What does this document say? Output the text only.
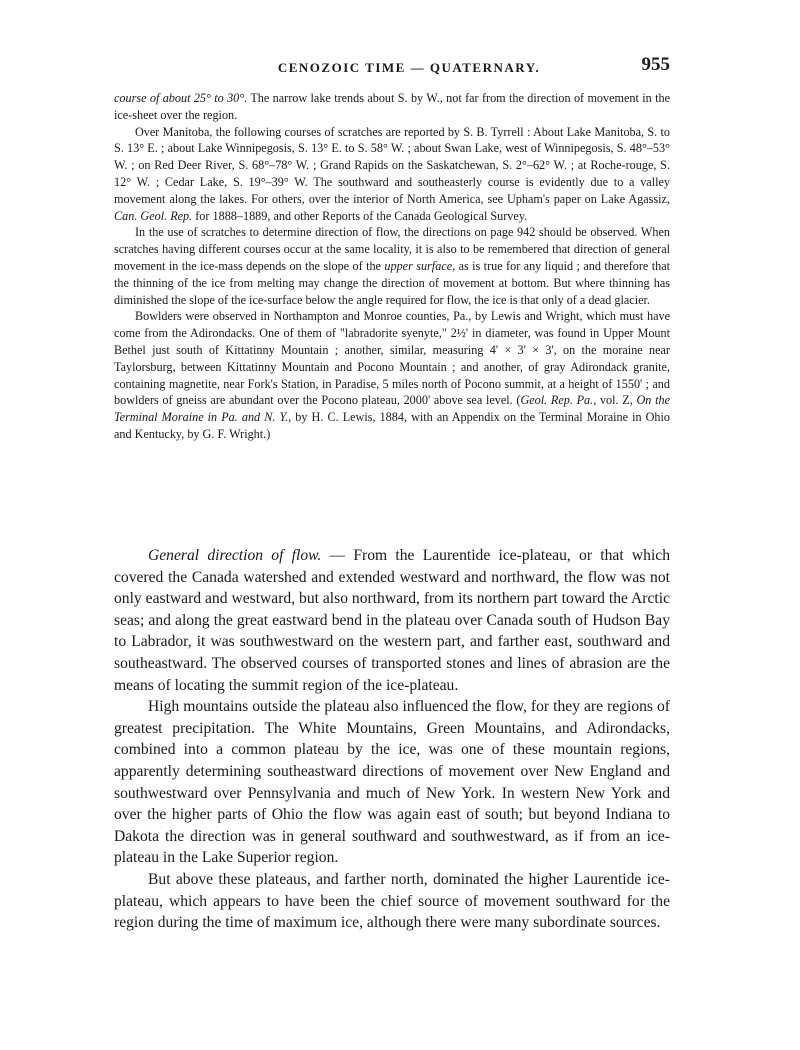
CENOZOIC TIME — QUATERNARY.	955

course of about 25° to 30°. The narrow lake trends about S. by W., not far from the direction of movement in the ice-sheet over the region.

Over Manitoba, the following courses of scratches are reported by S. B. Tyrrell : About Lake Manitoba, S. to S. 13° E. ; about Lake Winnipegosis, S. 13° E. to S. 58° W. ; about Swan Lake, west of Winnipegosis, S. 48°–53° W. ; on Red Deer River, S. 68°–78° W. ; Grand Rapids on the Saskatchewan, S. 2°–62° W. ; at Roche-rouge, S. 12° W. ; Cedar Lake, S. 19°–39° W. The southward and southeasterly course is evidently due to a valley movement along the lakes. For others, over the interior of North America, see Upham's paper on Lake Agassiz, Can. Geol. Rep. for 1888–1889, and other Reports of the Canada Geological Survey.

In the use of scratches to determine direction of flow, the directions on page 942 should be observed. When scratches having different courses occur at the same locality, it is also to be remembered that direction of general movement in the ice-mass depends on the slope of the upper surface, as is true for any liquid ; and therefore that the thinning of the ice from melting may change the direction of movement at bottom. But where thinning has diminished the slope of the ice-surface below the angle required for flow, the ice is that only of a dead glacier.

Bowlders were observed in Northampton and Monroe counties, Pa., by Lewis and Wright, which must have come from the Adirondacks. One of them of "labradorite syenyte," 2½' in diameter, was found in Upper Mount Bethel just south of Kittatinny Mountain ; another, similar, measuring 4' × 3' × 3', on the moraine near Taylorsburg, between Kittatinny Mountain and Pocono Mountain ; and another, of gray Adirondack granite, containing magnetite, near Fork's Station, in Paradise, 5 miles north of Pocono summit, at a height of 1550' ; and bowlders of gneiss are abundant over the Pocono plateau, 2000' above sea level. (Geol. Rep. Pa., vol. Z, On the Terminal Moraine in Pa. and N. Y., by H. C. Lewis, 1884, with an Appendix on the Terminal Moraine in Ohio and Kentucky, by G. F. Wright.)

General direction of flow. — From the Laurentide ice-plateau, or that which covered the Canada watershed and extended westward and northward, the flow was not only eastward and westward, but also northward, from its northern part toward the Arctic seas; and along the great eastward bend in the plateau over Canada south of Hudson Bay to Labrador, it was southwestward on the western part, and farther east, southward and southeastward. The observed courses of transported stones and lines of abrasion are the means of locating the summit region of the ice-plateau.

High mountains outside the plateau also influenced the flow, for they are regions of greatest precipitation. The White Mountains, Green Mountains, and Adirondacks, combined into a common plateau by the ice, was one of these mountain regions, apparently determining southeastward directions of movement over New England and southwestward over Pennsylvania and much of New York. In western New York and over the higher parts of Ohio the flow was again east of south; but beyond Indiana to Dakota the direction was in general southward and southwestward, as if from an ice-plateau in the Lake Superior region.

But above these plateaus, and farther north, dominated the higher Laurentide ice-plateau, which appears to have been the chief source of movement southward for the region during the time of maximum ice, although there were many subordinate sources.
